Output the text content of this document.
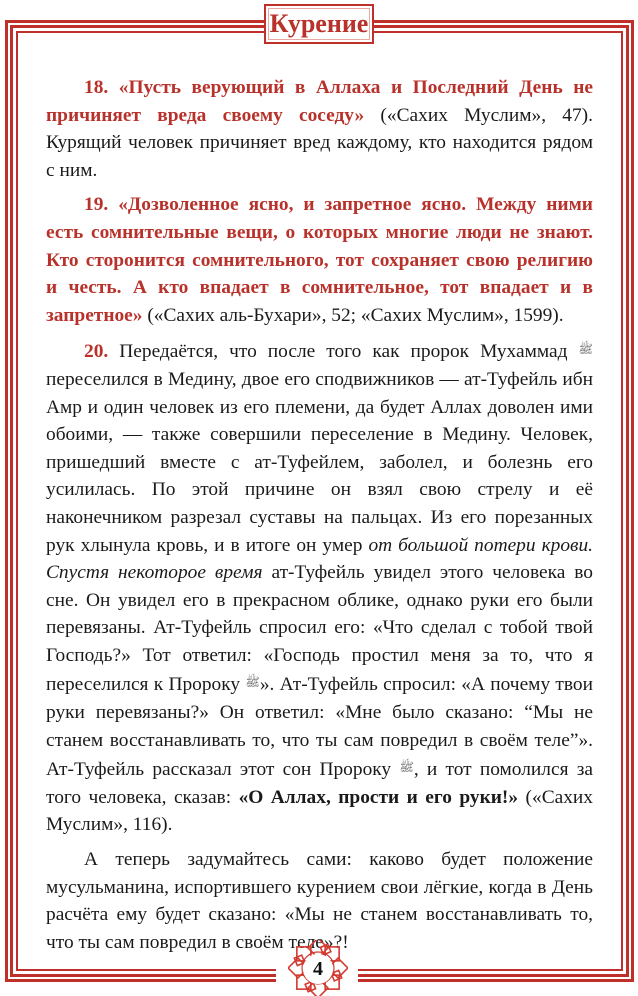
Курение

18. «Пусть верующий в Аллаха и Последний День не причиняет вреда своему соседу» («Сахих Муслим», 47). Курящий человек причиняет вред каждому, кто находится рядом с ним.

19. «Дозволенное ясно, и запретное ясно. Между ними есть сомнительные вещи, о которых многие люди не знают. Кто сторонится сомнительного, тот сохраняет свою религию и честь. А кто впадает в сомнительное, тот впадает и в запретное» («Сахих аль-Бухари», 52; «Сахих Муслим», 1599).

20. Передаётся, что после того как пророк Мухаммад $^ﷺ$ переселился в Медину, двое его сподвижников — ат-Туфейль ибн Амр и один человек из его племени, да будет Аллах доволен ими обоими, — также совершили переселение в Медину. Человек, пришедший вместе с ат-Туфейлем, заболел, и болезнь его усилилась. По этой причине он взял свою стрелу и её наконечником разрезал суставы на пальцах. Из его порезанных рук хлынула кровь, и в итоге он умер от большой потери крови. Спустя некоторое время ат-Туфейль увидел этого человека во сне. Он увидел его в прекрасном облике, однако руки его были перевязаны. Ат-Туфейль спросил его: «Что сделал с тобой твой Господь?» Тот ответил: «Господь простил меня за то, что я переселился к Пророку $^ﷺ$». Ат-Туфейль спросил: «А почему твои руки перевязаны?» Он ответил: «Мне было сказано: “Мы не станем восстанавливать то, что ты сам повредил в своём теле”». Ат-Туфейль рассказал этот сон Пророку $^ﷺ$, и тот помолился за того человека, сказав: «О Аллах, прости и его руки!» («Сахих Муслим», 116).

А теперь задумайтесь сами: каково будет положение мусульманина, испортившего курением свои лёгкие, когда в День расчёта ему будет сказано: «Мы не станем восстанавливать то, что ты сам повредил в своём теле»?!

4
